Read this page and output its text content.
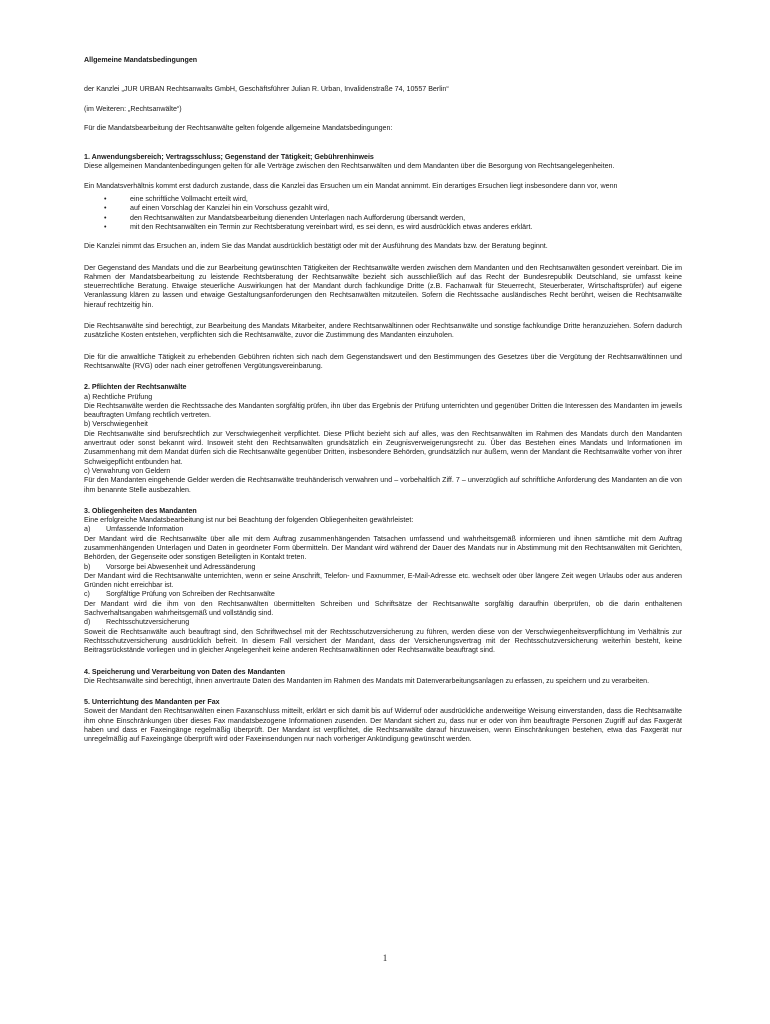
Allgemeine Mandatsbedingungen

der Kanzlei „JUR URBAN Rechtsanwalts GmbH, Geschäftsführer Julian R. Urban, Invalidenstraße 74, 10557 Berlin“

(im Weiteren: „Rechtsanwälte“)

Für die Mandatsbearbeitung der Rechtsanwälte gelten folgende allgemeine Mandatsbedingungen:

1. Anwendungsbereich; Vertragsschluss; Gegenstand der Tätigkeit; Gebührenhinweis

Diese allgemeinen Mandantenbedingungen gelten für alle Verträge zwischen den Rechtsanwälten und dem Mandanten über die Besorgung von Rechtsangelegenheiten.

Ein Mandatsverhältnis kommt erst dadurch zustande, dass die Kanzlei das Ersuchen um ein Mandat annimmt. Ein derartiges Ersuchen liegt insbesondere dann vor, wenn

• eine schriftliche Vollmacht erteilt wird,
• auf einen Vorschlag der Kanzlei hin ein Vorschuss gezahlt wird,
• den Rechtsanwälten zur Mandatsbearbeitung dienenden Unterlagen nach Aufforderung übersandt werden,
• mit den Rechtsanwälten ein Termin zur Rechtsberatung vereinbart wird, es sei denn, es wird ausdrücklich etwas anderes erklärt.

Die Kanzlei nimmt das Ersuchen an, indem Sie das Mandat ausdrücklich bestätigt oder mit der Ausführung des Mandats bzw. der Beratung beginnt.

Der Gegenstand des Mandats und die zur Bearbeitung gewünschten Tätigkeiten der Rechtsanwälte werden zwischen dem Mandanten und den Rechtsanwälten gesondert vereinbart. Die im Rahmen der Mandatsbearbeitung zu leistende Rechtsberatung der Rechtsanwälte bezieht sich ausschließlich auf das Recht der Bundesrepublik Deutschland, sie umfasst keine steuerrechtliche Beratung. Etwaige steuerliche Auswirkungen hat der Mandant durch fachkundige Dritte (z.B. Fachanwalt für Steuerrecht, Steuerberater, Wirtschaftsprüfer) auf eigene Veranlassung klären zu lassen und etwaige Gestaltungsanforderungen den Rechtsanwälten mitzuteilen. Sofern die Rechtssache ausländisches Recht berührt, weisen die Rechtsanwälte hierauf rechtzeitig hin.

Die Rechtsanwälte sind berechtigt, zur Bearbeitung des Mandats Mitarbeiter, andere Rechtsanwältinnen oder Rechtsanwälte und sonstige fachkundige Dritte heranzuziehen. Sofern dadurch zusätzliche Kosten entstehen, verpflichten sich die Rechtsanwälte, zuvor die Zustimmung des Mandanten einzuholen.

Die für die anwaltliche Tätigkeit zu erhebenden Gebühren richten sich nach dem Gegenstandswert und den Bestimmungen des Gesetzes über die Vergütung der Rechtsanwältinnen und Rechtsanwälte (RVG) oder nach einer getroffenen Vergütungsvereinbarung.

2. Pflichten der Rechtsanwälte

a) Rechtliche Prüfung

Die Rechtsanwälte werden die Rechtssache des Mandanten sorgfältig prüfen, ihn über das Ergebnis der Prüfung unterrichten und gegenüber Dritten die Interessen des Mandanten im jeweils beauftragten Umfang rechtlich vertreten.

b) Verschwiegenheit

Die Rechtsanwälte sind berufsrechtlich zur Verschwiegenheit verpflichtet. Diese Pflicht bezieht sich auf alles, was den Rechtsanwälten im Rahmen des Mandats durch den Mandanten anvertraut oder sonst bekannt wird. Insoweit steht den Rechtsanwälten grundsätzlich ein Zeugnisverweigerungsrecht zu. Über das Bestehen eines Mandats und Informationen im Zusammenhang mit dem Mandat dürfen sich die Rechtsanwälte gegenüber Dritten, insbesondere Behörden, grundsätzlich nur äußern, wenn der Mandant die Rechtsanwälte vorher von ihrer Schweigepflicht entbunden hat.

c) Verwahrung von Geldern

Für den Mandanten eingehende Gelder werden die Rechtsanwälte treuhänderisch verwahren und – vorbehaltlich Ziff. 7 – unverzüglich auf schriftliche Anforderung des Mandanten an die von ihm benannte Stelle ausbezahlen.

3. Obliegenheiten des Mandanten

Eine erfolgreiche Mandatsbearbeitung ist nur bei Beachtung der folgenden Obliegenheiten gewährleistet:

a) Umfassende Information

Der Mandant wird die Rechtsanwälte über alle mit dem Auftrag zusammenhängenden Tatsachen umfassend und wahrheitsgemäß informieren und ihnen sämtliche mit dem Auftrag zusammenhängenden Unterlagen und Daten in geordneter Form übermitteln. Der Mandant wird während der Dauer des Mandats nur in Abstimmung mit den Rechtsanwälten mit Gerichten, Behörden, der Gegenseite oder sonstigen Beteiligten in Kontakt treten.

b) Vorsorge bei Abwesenheit und Adressänderung

Der Mandant wird die Rechtsanwälte unterrichten, wenn er seine Anschrift, Telefon- und Faxnummer, E-Mail-Adresse etc. wechselt oder über längere Zeit wegen Urlaubs oder aus anderen Gründen nicht erreichbar ist.

c) Sorgfältige Prüfung von Schreiben der Rechtsanwälte

Der Mandant wird die ihm von den Rechtsanwälten übermittelten Schreiben und Schriftsätze der Rechtsanwälte sorgfältig daraufhin überprüfen, ob die darin enthaltenen Sachverhaltsangaben wahrheitsgemäß und vollständig sind.

d) Rechtsschutzversicherung

Soweit die Rechtsanwälte auch beauftragt sind, den Schriftwechsel mit der Rechtsschutzversicherung zu führen, werden diese von der Verschwiegenheitsverpflichtung im Verhältnis zur Rechtsschutzversicherung ausdrücklich befreit. In diesem Fall versichert der Mandant, dass der Versicherungsvertrag mit der Rechtsschutzversicherung weiterhin besteht, keine Beitragsrückstände vorliegen und in gleicher Angelegenheit keine anderen Rechtsanwältinnen oder Rechtsanwälte beauftragt sind.

4. Speicherung und Verarbeitung von Daten des Mandanten

Die Rechtsanwälte sind berechtigt, ihnen anvertraute Daten des Mandanten im Rahmen des Mandats mit Datenverarbeitungsanlagen zu erfassen, zu speichern und zu verarbeiten.

5. Unterrichtung des Mandanten per Fax

Soweit der Mandant den Rechtsanwälten einen Faxanschluss mitteilt, erklärt er sich damit bis auf Widerruf oder ausdrückliche anderweitige Weisung einverstanden, dass die Rechtsanwälte ihm ohne Einschränkungen über dieses Fax mandatsbezogene Informationen zusenden. Der Mandant sichert zu, dass nur er oder von ihm beauftragte Personen Zugriff auf das Faxgerät haben und dass er Faxeingänge regelmäßig überprüft. Der Mandant ist verpflichtet, die Rechtsanwälte darauf hinzuweisen, wenn Einschränkungen bestehen, etwa das Faxgerät nur unregelmäßig auf Faxeingänge überprüft wird oder Faxeinsendungen nur nach vorheriger Ankündigung gewünscht werden.

1
